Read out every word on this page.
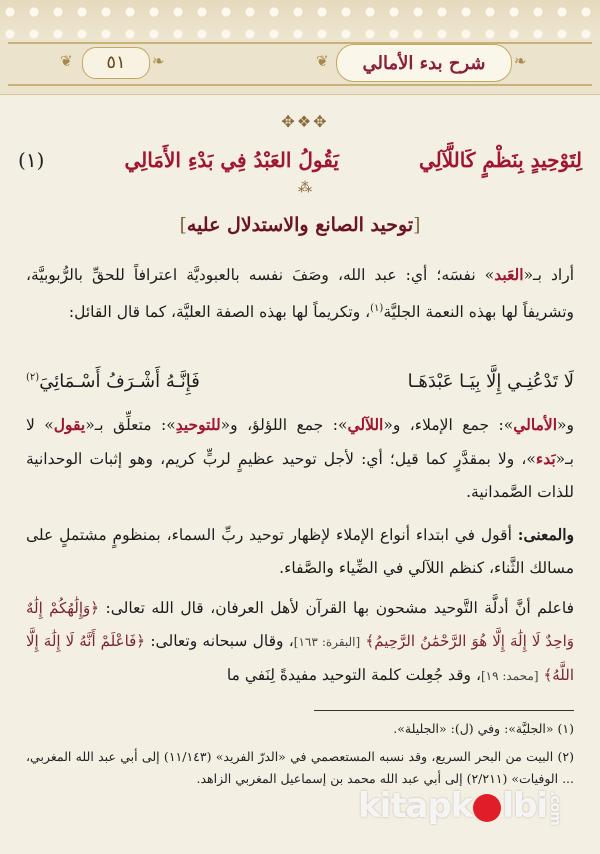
٥١
❦	❧	❦	❧
شرح بدء الأمالي
✥❖✥
(١)	يَقُولُ العَبْدُ فِي بَدْءِ الأَمَالِي	لِتَوْحِيدٍ بِنَظْمٍ كَاللَّآلِي
⁂
[توحيد الصانع والاستدلال عليه]
أراد بـ«العَبد» نفسَه؛ أي: عبد الله، وصَفَ نفسه بالعبوديَّة اعترافاً للحقِّ بالرُّبوبيَّة، وتشريفاً لها بهذه النعمة الجليَّة$^{(١)}$، وتكريماً لها بهذه الصفة العليَّة، كما قال القائل:
لَا تَدْعُنِـي إِلَّا بِيَـا عَبْدَهَـا
فَإِنَّـهُ أَشْـرَفُ أَسْـمَائِيَ$^{(٢)}$
و«الأمالي»: جمع الإملاء، و«اللآلي»: جمع اللؤلؤ، و«للتوحيدِ»: متعلِّق بـ«يقول» لا بـ«بَدء»، ولا بمقدَّرٍ كما قيل؛ أي: لأجل توحيد عظيمٍ لربٍّ كريم، وهو إثبات الوحدانية للذات الصَّمدانية.
والمعنى: أقول في ابتداء أنواع الإملاء لإظهار توحيد ربِّ السماء، بمنظومٍ مشتملٍ على مسالك الثَّناء، كنظم اللآلي في الضِّياء والصَّفاء.
فاعلم أنَّ أدلَّة التَّوحيد مشحون بها القرآن لأهل العرفان، قال الله تعالى: ﴿وَإِلَٰهُكُمْ إِلَٰهٌ وَاحِدٌ لَا إِلَٰهَ إِلَّا هُوَ الرَّحْمَٰنُ الرَّحِيمُ﴾ [البقرة: ١٦٣]، وقال سبحانه وتعالى: ﴿فَاعْلَمْ أَنَّهُ لَا إِلَٰهَ إِلَّا اللَّهُ﴾ [محمد: ١٩]، وقد جُعِلت كلمة التوحيد مفيدةً لِنَفي ما
(١) «الجليَّة»: وفي (ل): «الجليلة».
(٢) البيت من البحر السريع، وقد نسبه المستعصمي في «الدرّ الفريد» (١١/١٤٣) إلى أبي عبد الله المغربي، ... الوفيات» (٢/٢١١) إلى أبي عبد الله محمد بن إسماعيل المغربي الزاهد.
kitapk lbi.com
